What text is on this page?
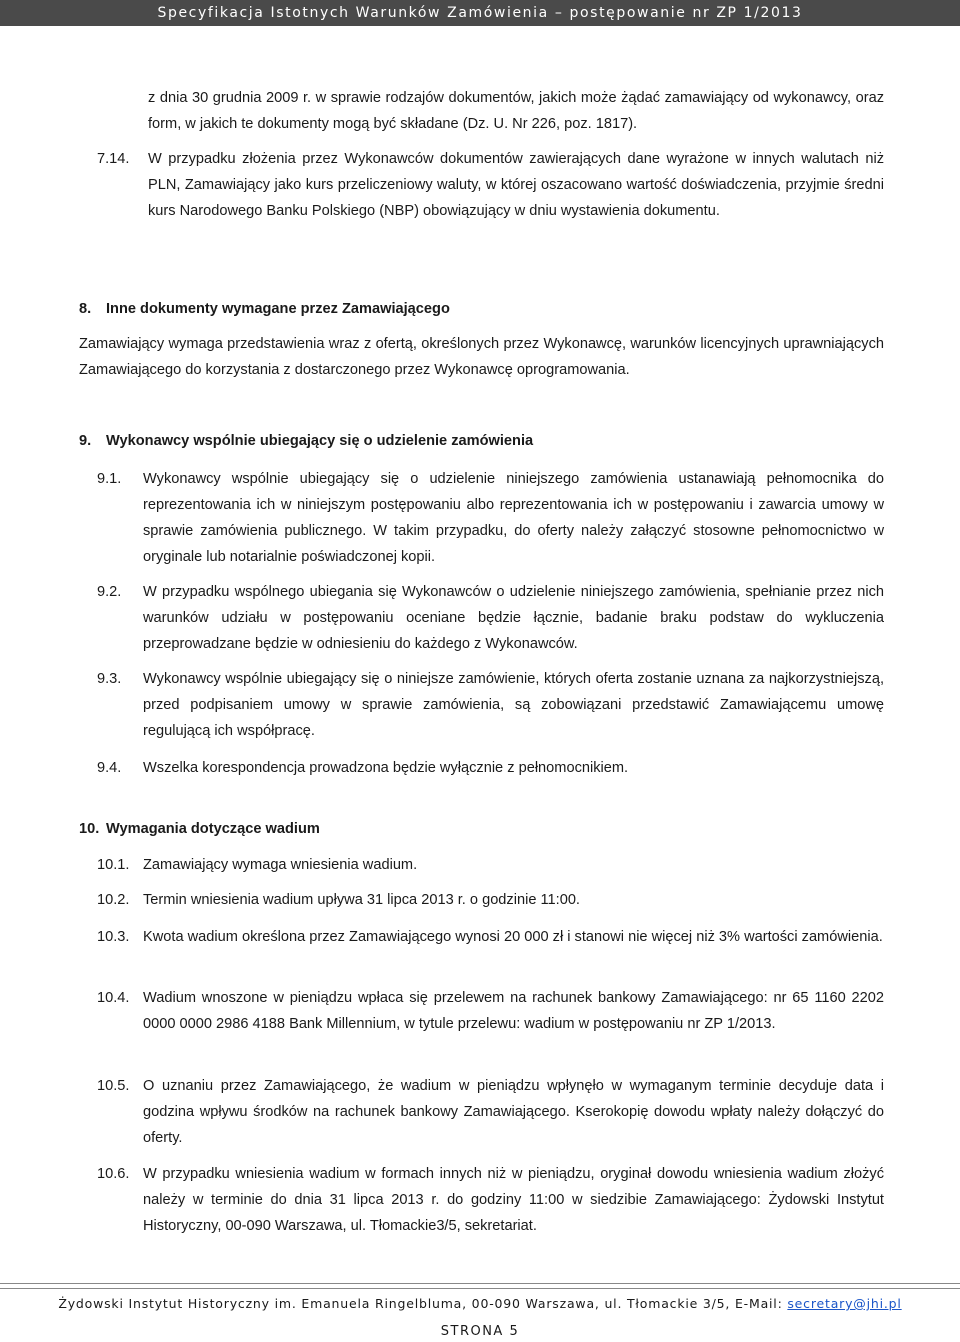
Specyfikacja Istotnych Warunków Zamówienia – postępowanie nr ZP 1/2013
z dnia 30 grudnia 2009 r. w sprawie rodzajów dokumentów, jakich może żądać zamawiający od wykonawcy, oraz form, w jakich te dokumenty mogą być składane (Dz. U. Nr 226, poz. 1817).
7.14. W przypadku złożenia przez Wykonawców dokumentów zawierających dane wyrażone w innych walutach niż PLN, Zamawiający jako kurs przeliczeniowy waluty, w której oszacowano wartość doświadczenia, przyjmie średni kurs Narodowego Banku Polskiego (NBP) obowiązujący w dniu wystawienia dokumentu.
8. Inne dokumenty wymagane przez Zamawiającego
Zamawiający wymaga przedstawienia wraz z ofertą, określonych przez Wykonawcę, warunków licencyjnych uprawniających Zamawiającego do korzystania z dostarczonego przez Wykonawcę oprogramowania.
9. Wykonawcy wspólnie ubiegający się o udzielenie zamówienia
9.1. Wykonawcy wspólnie ubiegający się o udzielenie niniejszego zamówienia ustanawiają pełnomocnika do reprezentowania ich w niniejszym postępowaniu albo reprezentowania ich w postępowaniu i zawarcia umowy w sprawie zamówienia publicznego. W takim przypadku, do oferty należy załączyć stosowne pełnomocnictwo w oryginale lub notarialnie poświadczonej kopii.
9.2. W przypadku wspólnego ubiegania się Wykonawców o udzielenie niniejszego zamówienia, spełnianie przez nich warunków udziału w postępowaniu oceniane będzie łącznie, badanie braku podstaw do wykluczenia przeprowadzane będzie w odniesieniu do każdego z Wykonawców.
9.3. Wykonawcy wspólnie ubiegający się o niniejsze zamówienie, których oferta zostanie uznana za najkorzystniejszą, przed podpisaniem umowy w sprawie zamówienia, są zobowiązani przedstawić Zamawiającemu umowę regulującą ich współpracę.
9.4. Wszelka korespondencja prowadzona będzie wyłącznie z pełnomocnikiem.
10. Wymagania dotyczące wadium
10.1. Zamawiający wymaga wniesienia wadium.
10.2. Termin wniesienia wadium upływa 31 lipca 2013 r. o godzinie 11:00.
10.3. Kwota wadium określona przez Zamawiającego wynosi 20 000 zł i stanowi nie więcej niż 3% wartości zamówienia.
10.4. Wadium wnoszone w pieniądzu wpłaca się przelewem na rachunek bankowy Zamawiającego: nr 65 1160 2202 0000 0000 2986 4188 Bank Millennium, w tytule przelewu: wadium w postępowaniu nr ZP 1/2013.
10.5. O uznaniu przez Zamawiającego, że wadium w pieniądzu wpłynęło w wymaganym terminie decyduje data i godzina wpływu środków na rachunek bankowy Zamawiającego. Kserokopię dowodu wpłaty należy dołączyć do oferty.
10.6. W przypadku wniesienia wadium w formach innych niż w pieniądzu, oryginał dowodu wniesienia wadium złożyć należy w terminie do dnia 31 lipca 2013 r. do godziny 11:00 w siedzibie Zamawiającego: Żydowski Instytut Historyczny, 00-090 Warszawa, ul. Tłomackie3/5, sekretariat.
Żydowski Instytut Historyczny im. Emanuela Ringelbluma, 00-090 Warszawa, ul. Tłomackie 3/5, E-Mail: secretary@jhi.pl
STRONA 5
